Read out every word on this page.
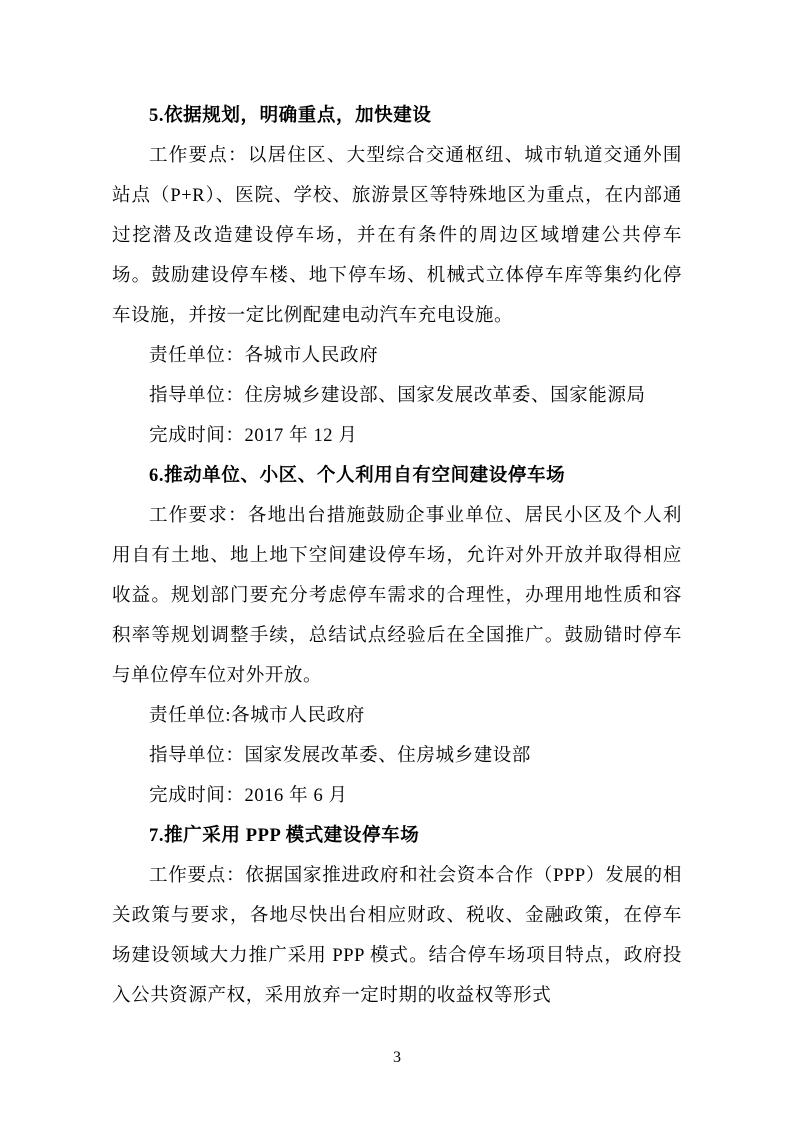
5.依据规划，明确重点，加快建设

工作要点：以居住区、大型综合交通枢纽、城市轨道交通外围站点（P+R）、医院、学校、旅游景区等特殊地区为重点，在内部通过挖潜及改造建设停车场，并在有条件的周边区域增建公共停车场。鼓励建设停车楼、地下停车场、机械式立体停车库等集约化停车设施，并按一定比例配建电动汽车充电设施。

责任单位：各城市人民政府

指导单位：住房城乡建设部、国家发展改革委、国家能源局

完成时间：2017 年 12 月

6.推动单位、小区、个人利用自有空间建设停车场

工作要求：各地出台措施鼓励企事业单位、居民小区及个人利用自有土地、地上地下空间建设停车场，允许对外开放并取得相应收益。规划部门要充分考虑停车需求的合理性，办理用地性质和容积率等规划调整手续，总结试点经验后在全国推广。鼓励错时停车与单位停车位对外开放。

责任单位:各城市人民政府

指导单位：国家发展改革委、住房城乡建设部

完成时间：2016 年 6 月

7.推广采用 PPP 模式建设停车场

工作要点：依据国家推进政府和社会资本合作（PPP）发展的相关政策与要求，各地尽快出台相应财政、税收、金融政策，在停车场建设领域大力推广采用 PPP 模式。结合停车场项目特点，政府投入公共资源产权，采用放弃一定时期的收益权等形式

3
